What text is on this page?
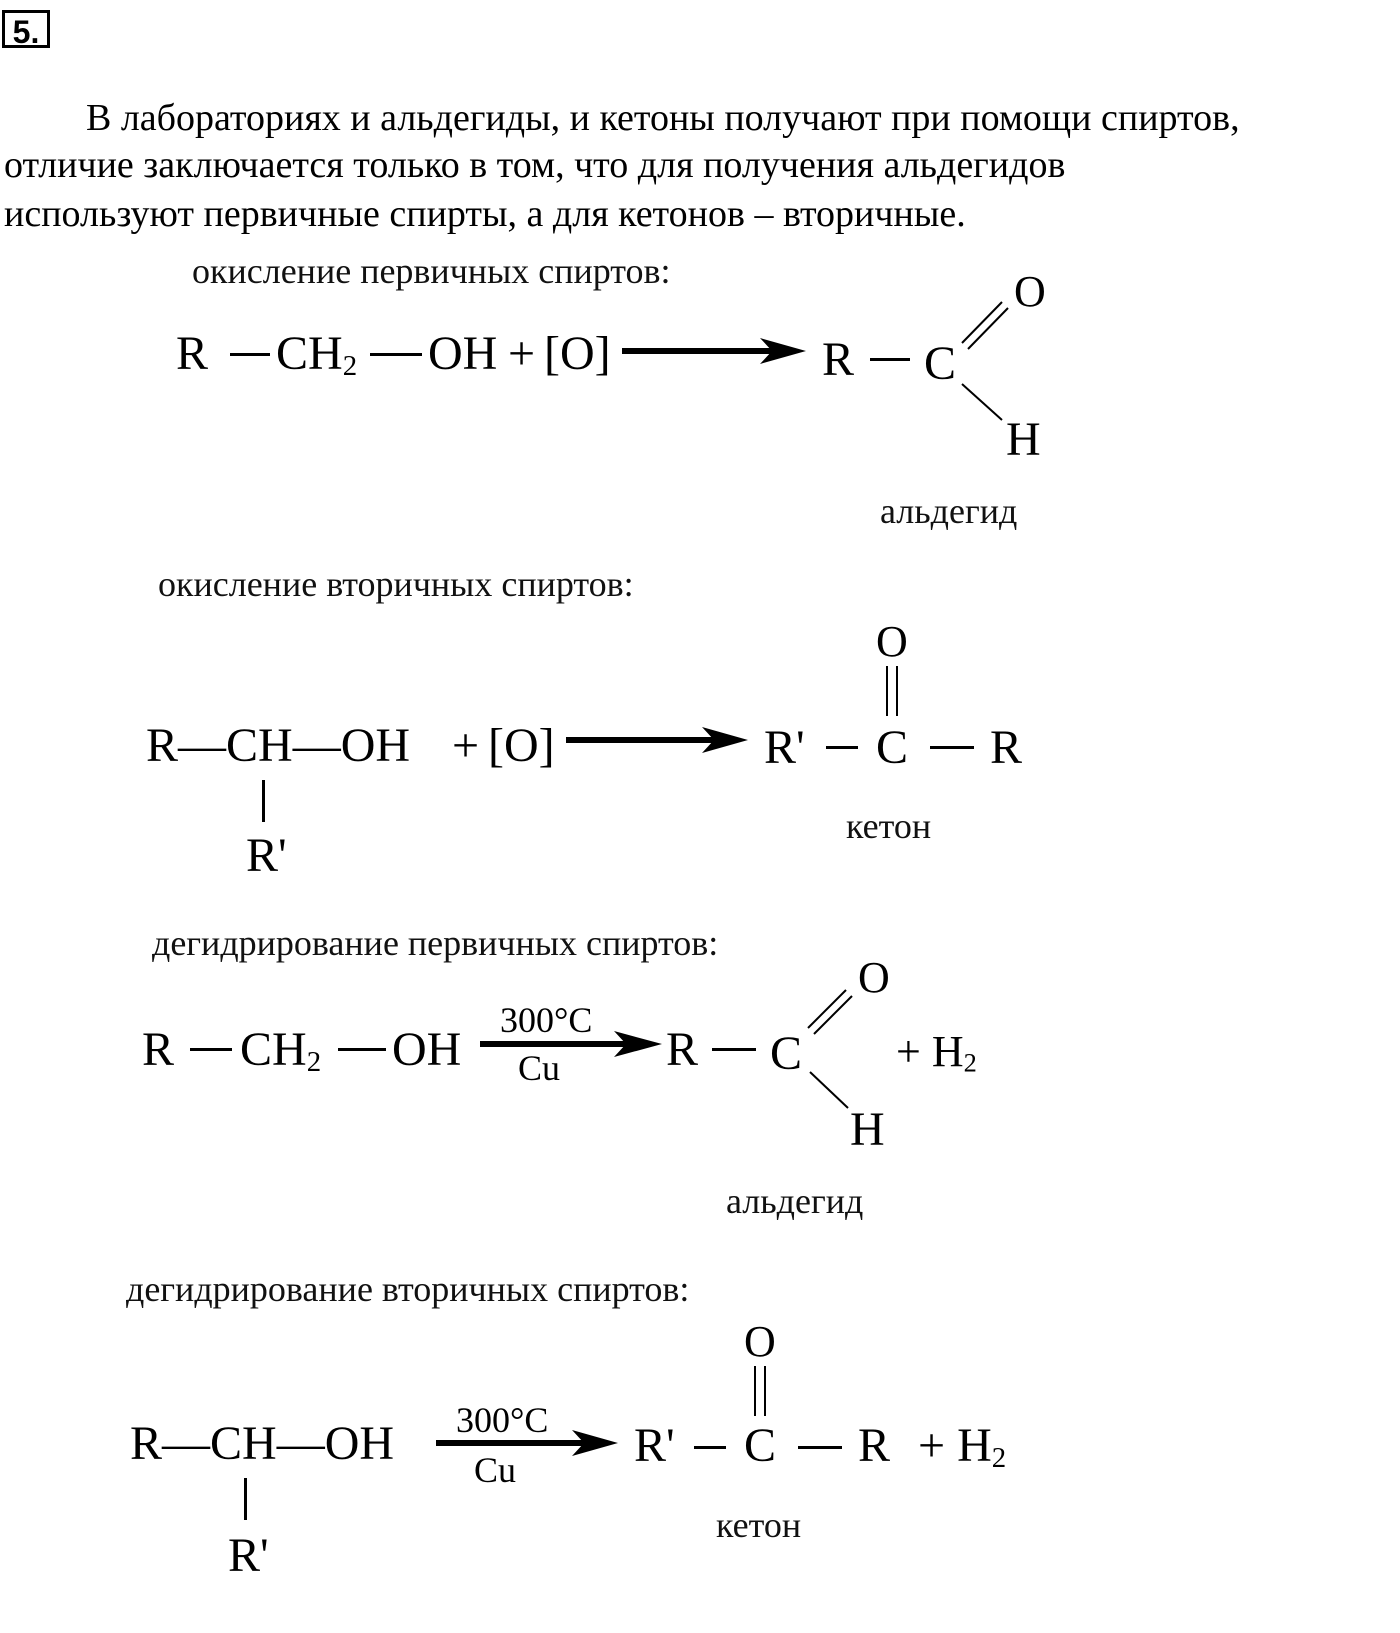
5.
В лабораториях и альдегиды, и кетоны получают при помощи спиртов,
отличие заключается только в том, что для получения альдегидов
используют первичные спирты, а для кетонов – вторичные.
окисление первичных спиртов:
R $CH_2$ OH + [O]	R C
O
H
альдегид
окисление вторичных спиртов:
R—CH—OH
R'
+ [O]	R' C R
O
кетон
дегидрирование первичных спиртов:
R $CH_2$ OH
300°C
Cu R C
O
H
+ $H_2$
альдегид
дегидрирование вторичных спиртов:
R—CH—OH
R'
300°C
Cu R' C R
O
+ $H_2$
кетон
